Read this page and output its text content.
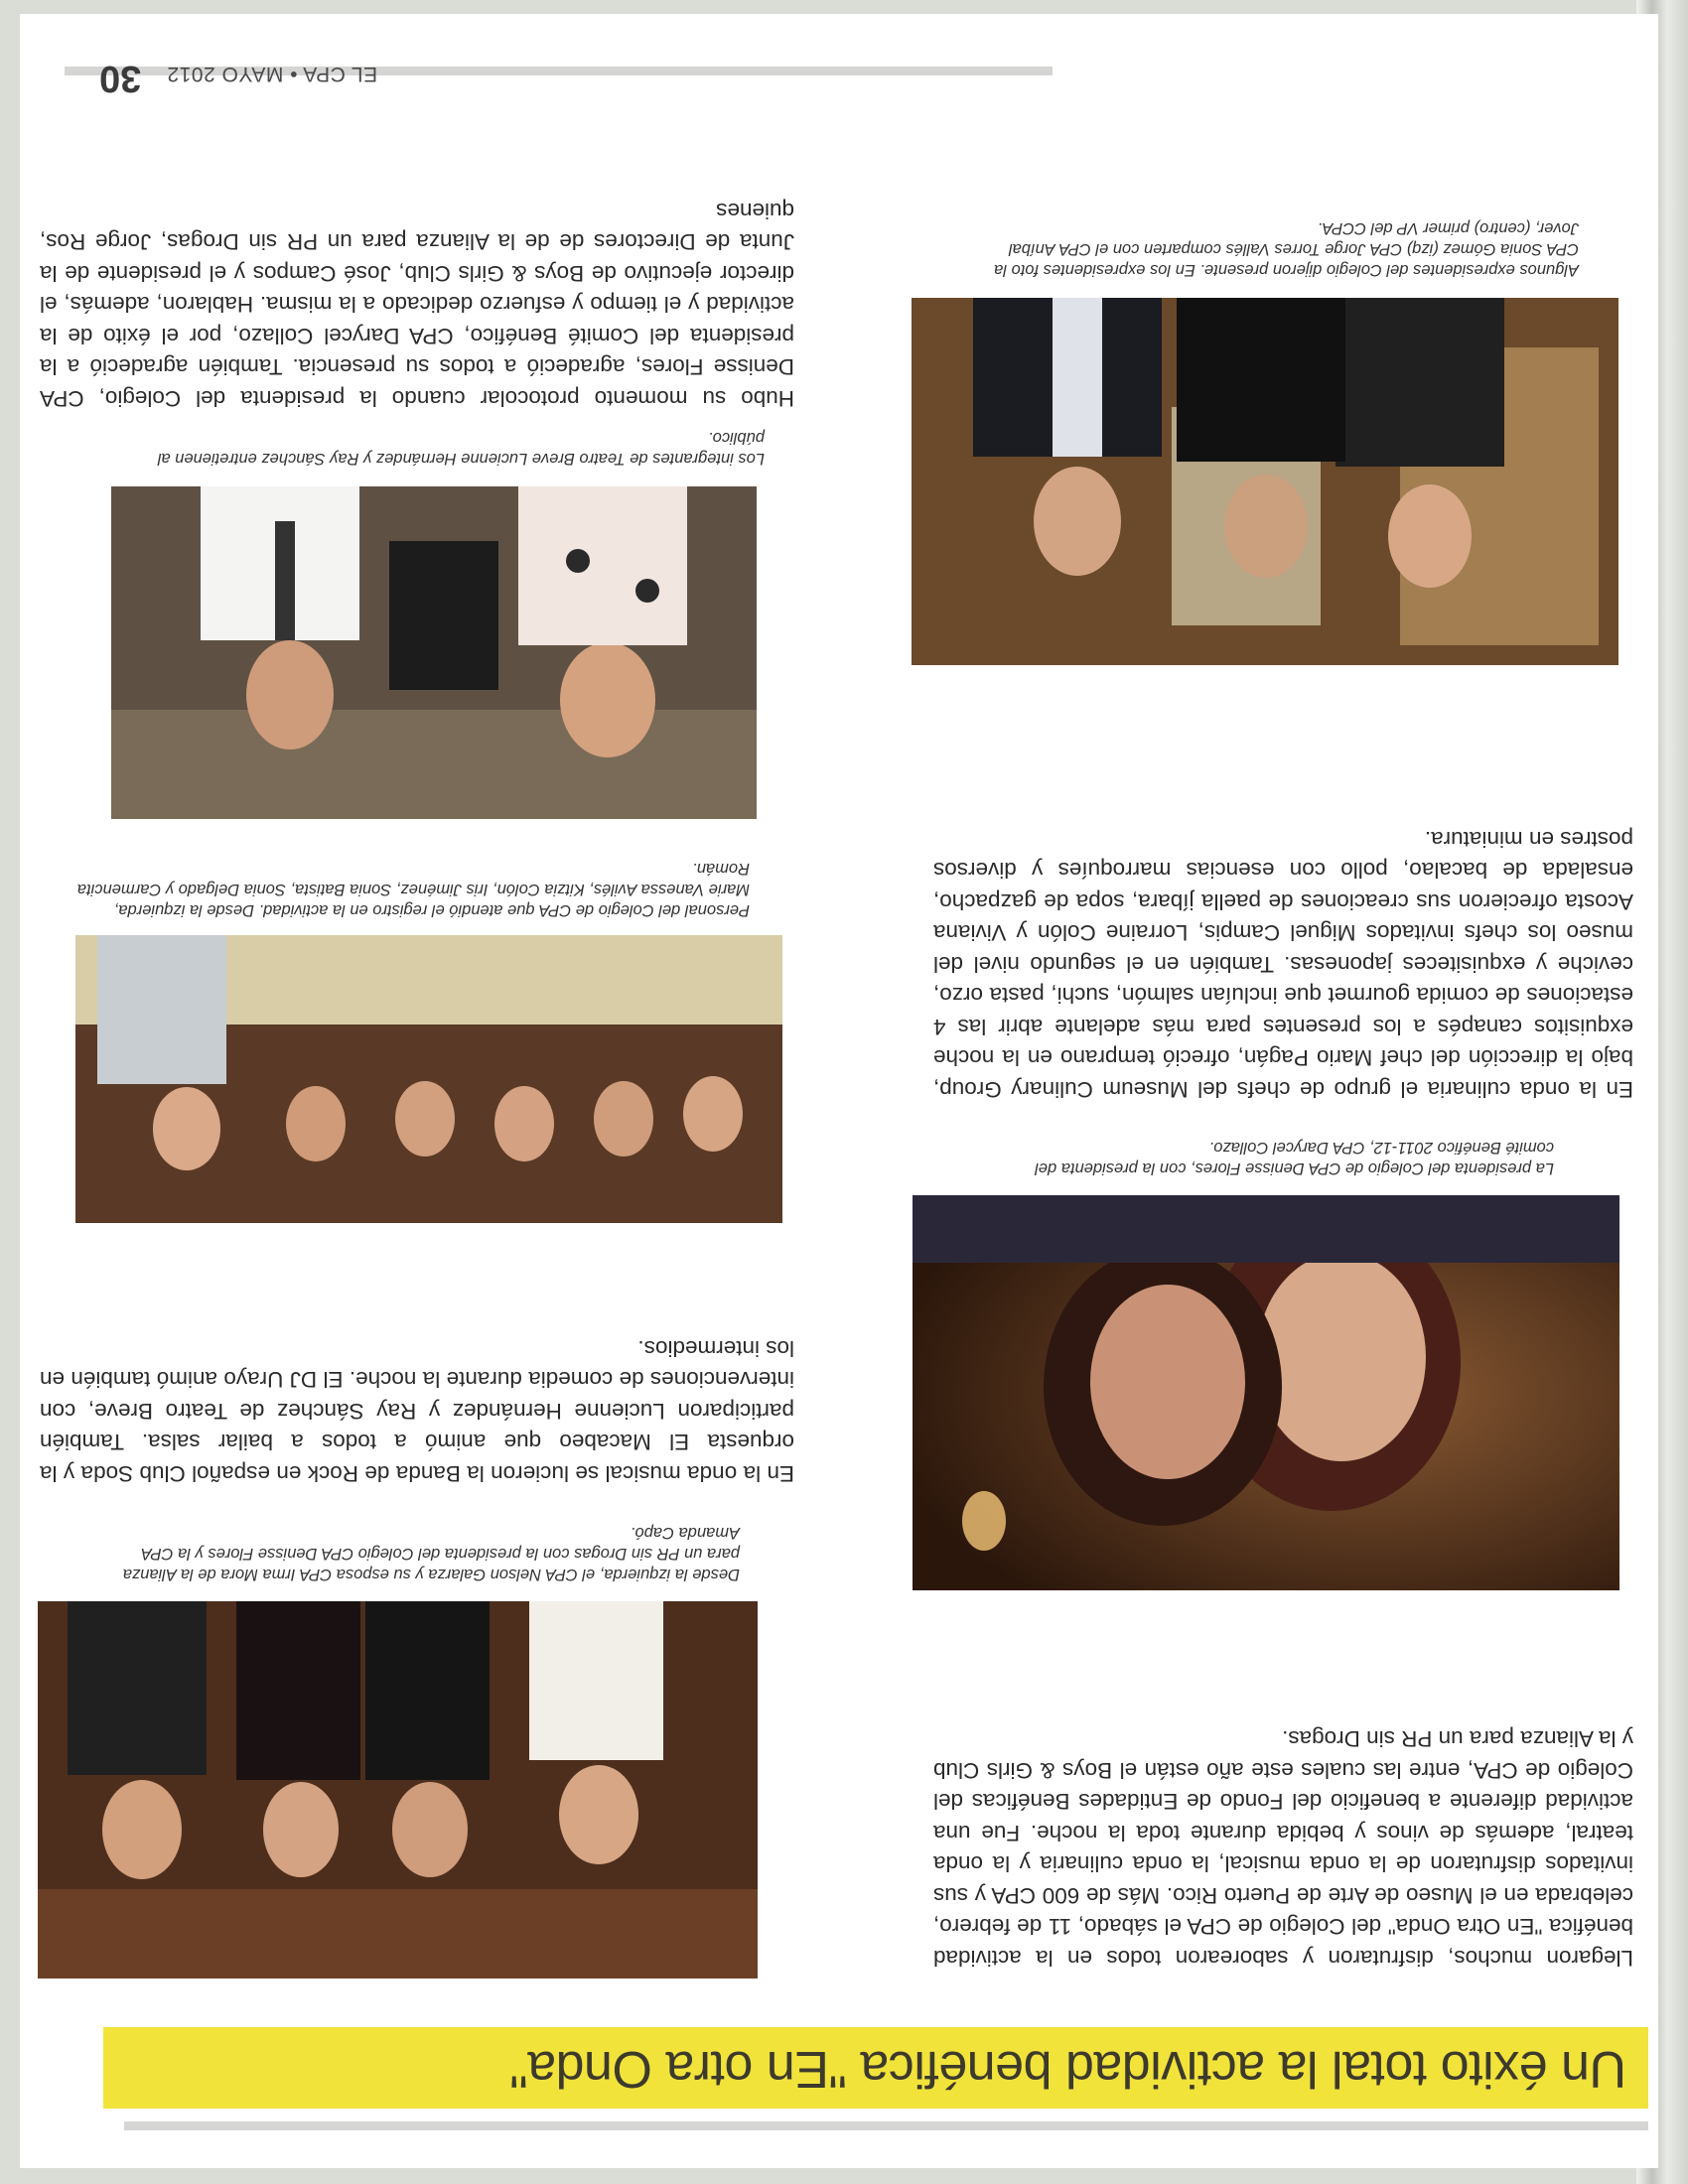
Un éxito total la actividad benéfica "En otra Onda"

Llegaron muchos, disfrutaron y saborearon todos en la actividad benéfica "En Otra Onda" del Colegio de CPA el sábado, 11 de febrero, celebrada en el Museo de Arte de Puerto Rico. Más de 600 CPA y sus invitados disfrutaron de la onda musical, la onda culinaria y la onda teatral, además de vinos y bebida durante toda la noche. Fue una actividad diferente a beneficio del Fondo de Entidades Benéficas del Colegio de CPA, entre las cuales este año están el Boys & Girls Club y la Alianza para un PR sin Drogas.

La presidenta del Colegio de CPA Denisse Flores, con la presidenta del comité Benéfico 2011-12, CPA Darycel Collazo.

En la onda culinaria el grupo de chefs del Museum Culinary Group, bajo la dirección del chef Mario Pagán, ofreció temprano en la noche exquisitos canapés a los presentes para más adelante abrir las 4 estaciones de comida gourmet que incluían salmón, suchi, pasta orzo, ceviche y exquisiteces japonesas. También en el segundo nivel del museo los chefs invitados Miguel Campis, Lorraine Colón y Viviana Acosta ofrecieron sus creaciones de paella jíbara, sopa de gazpacho, ensalada de bacalao, pollo con esencias marroquíes y diversos postres en miniatura.

Algunos expresidentes del Colegio dijeron presente. En los expresidentes foto la CPA Sonia Gómez (izq) CPA Jorge Torres Vallés comparten con el CPA Aníbal Jover, (centro) primer VP del CCPA.

Desde la izquierda, el CPA Nelson Galarza y su esposa CPA Irma Mora de la Alianza para un PR sin Drogas con la presidenta del Colegio CPA Denisse Flores y la CPA Amanda Capó.

En la onda musical se lucieron la Banda de Rock en español Club Soda y la orquesta El Macabeo que animó a todos a bailar salsa. También participaron Lucienne Hernández y Ray Sánchez de Teatro Breve, con intervenciones de comedia durante la noche. El DJ Urayo animó también en los intermedios.

Personal del Colegio de CPA que atendió el registro en la actividad. Desde la izquierda, Marie Vanessa Avilés, Kitzia Colón, Iris Jiménez, Sonia Batista, Sonia Delgado y Carmencita Román.

Los integrantes de Teatro Breve Lucienne Hernández y Ray Sánchez entretienen al público.

Hubo su momento protocolar cuando la presidenta del Colegio, CPA Denisse Flores, agradeció a todos su presencia. También agradeció a la presidenta del Comité Benéfico, CPA Darycel Collazo, por el éxito de la actividad y el tiempo y esfuerzo dedicado a la misma. Hablaron, además, el director ejecutivo de Boys & Girls Club, José Campos y el presidente de la Junta de Directores de de la Alianza para un PR sin Drogas, Jorge Ros, quienes

30 EL CPA • MAYO 2012
